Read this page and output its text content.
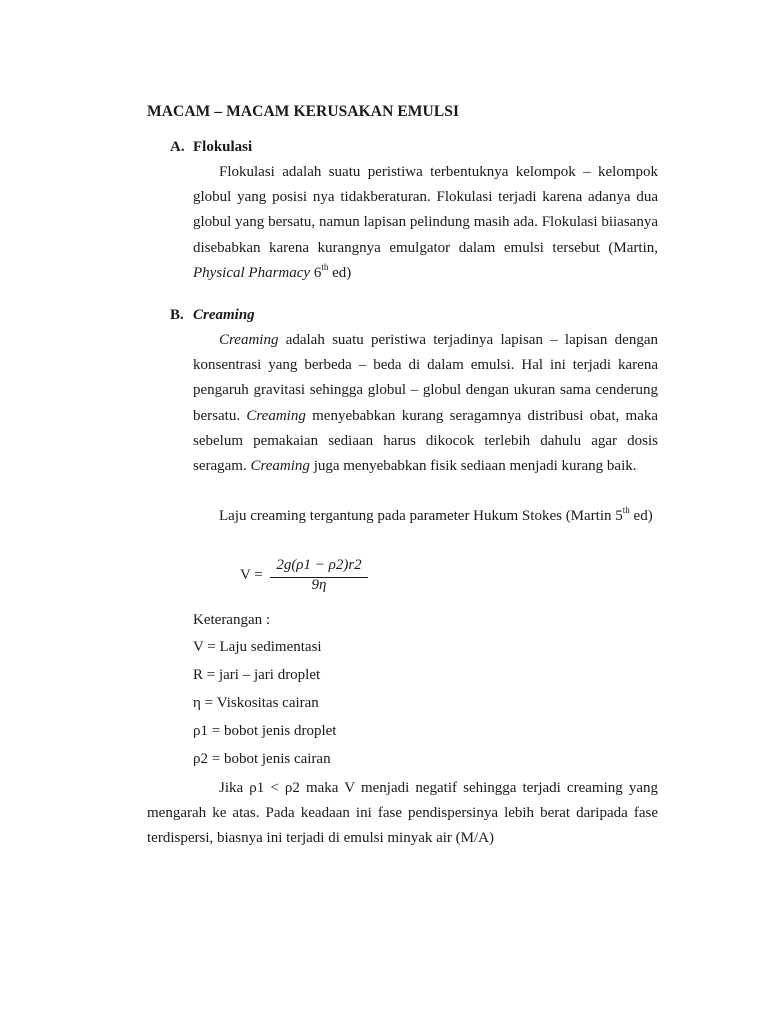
MACAM – MACAM KERUSAKAN EMULSI
A. Flokulasi

Flokulasi adalah suatu peristiwa terbentuknya kelompok – kelompok globul yang posisi nya tidakberaturan. Flokulasi terjadi karena adanya dua globul yang bersatu, namun lapisan pelindung masih ada. Flokulasi biiasanya disebabkan karena kurangnya emulgator dalam emulsi tersebut (Martin, Physical Pharmacy 6th ed)

B. Creaming

Creaming adalah suatu peristiwa terjadinya lapisan – lapisan dengan konsentrasi yang berbeda – beda di dalam emulsi. Hal ini terjadi karena pengaruh gravitasi sehingga globul – globul dengan ukuran sama cenderung bersatu. Creaming menyebabkan kurang seragamnya distribusi obat, maka sebelum pemakaian sediaan harus dikocok terlebih dahulu agar dosis seragam. Creaming juga menyebabkan fisik sediaan menjadi kurang baik.

Laju creaming tergantung pada parameter Hukum Stokes (Martin 5th ed)

V =
2g(ρ1 − ρ2)r2
9η
Keterangan :
V = Laju sedimentasi
R = jari – jari droplet
η = Viskositas cairan
ρ1 = bobot jenis droplet
ρ2 = bobot jenis cairan

Jika ρ1 < ρ2 maka V menjadi negatif sehingga terjadi creaming yang mengarah ke atas. Pada keadaan ini fase pendispersinya lebih berat daripada fase terdispersi, biasnya ini terjadi di emulsi minyak air (M/A)
